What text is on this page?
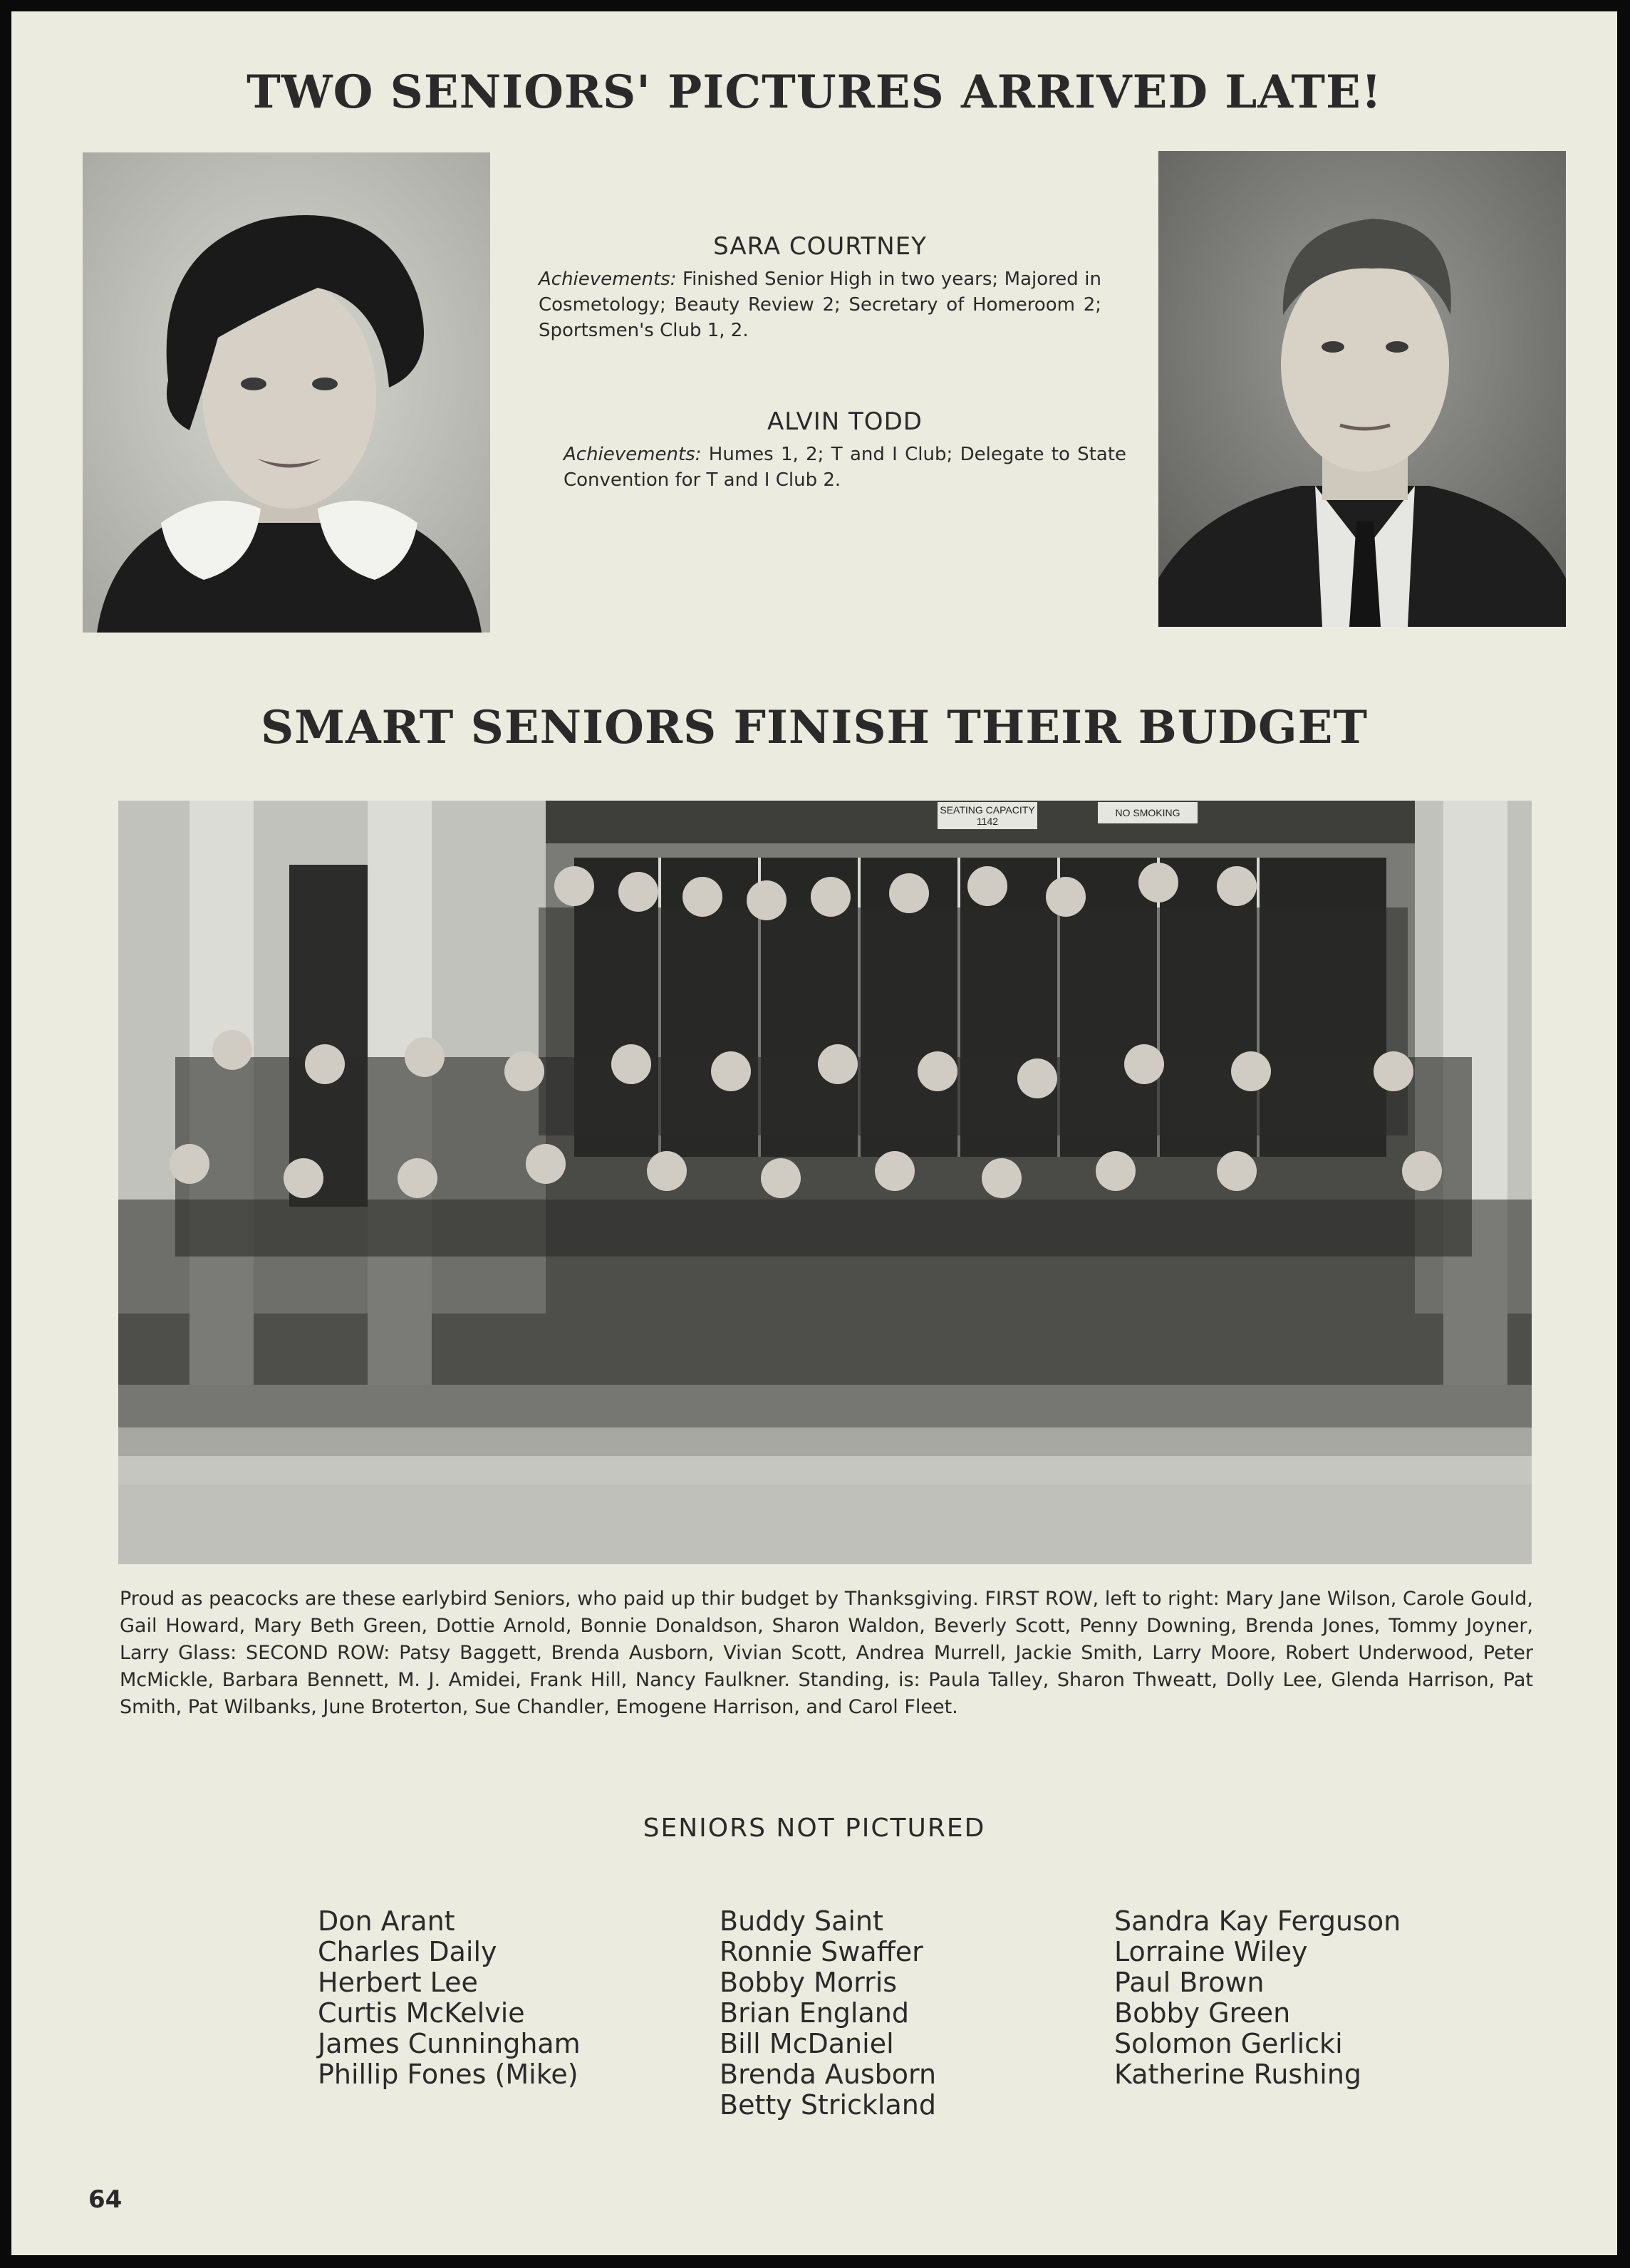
TWO SENIORS' PICTURES ARRIVED LATE!
SARA COURTNEY
Achievements: Finished Senior High in two years; Majored in Cosmetology; Beauty Review 2; Secretary of Homeroom 2; Sportsmen's Club 1, 2.
ALVIN TODD
Achievements: Humes 1, 2; T and I Club; Delegate to State Convention for T and I Club 2.
SMART SENIORS FINISH THEIR BUDGET
SEATING CAPACITY
1142
NO SMOKING

Proud as peacocks are these earlybird Seniors, who paid up thir budget by Thanksgiving. FIRST ROW, left to right: Mary Jane Wilson, Carole Gould, Gail Howard, Mary Beth Green, Dottie Arnold, Bonnie Donaldson, Sharon Waldon, Beverly Scott, Penny Downing, Brenda Jones, Tommy Joyner, Larry Glass: SECOND ROW: Patsy Baggett, Brenda Ausborn, Vivian Scott, Andrea Murrell, Jackie Smith, Larry Moore, Robert Underwood, Peter McMickle, Barbara Bennett, M. J. Amidei, Frank Hill, Nancy Faulkner. Standing, is: Paula Talley, Sharon Thweatt, Dolly Lee, Glenda Harrison, Pat Smith, Pat Wilbanks, June Broterton, Sue Chandler, Emogene Harrison, and Carol Fleet.

SENIORS NOT PICTURED
Don Arant
Charles Daily
Herbert Lee
Curtis McKelvie
James Cunningham
Phillip Fones (Mike)
Buddy Saint
Ronnie Swaffer
Bobby Morris
Brian England
Bill McDaniel
Brenda Ausborn
Betty Strickland
Sandra Kay Ferguson
Lorraine Wiley
Paul Brown
Bobby Green
Solomon Gerlicki
Katherine Rushing
64
